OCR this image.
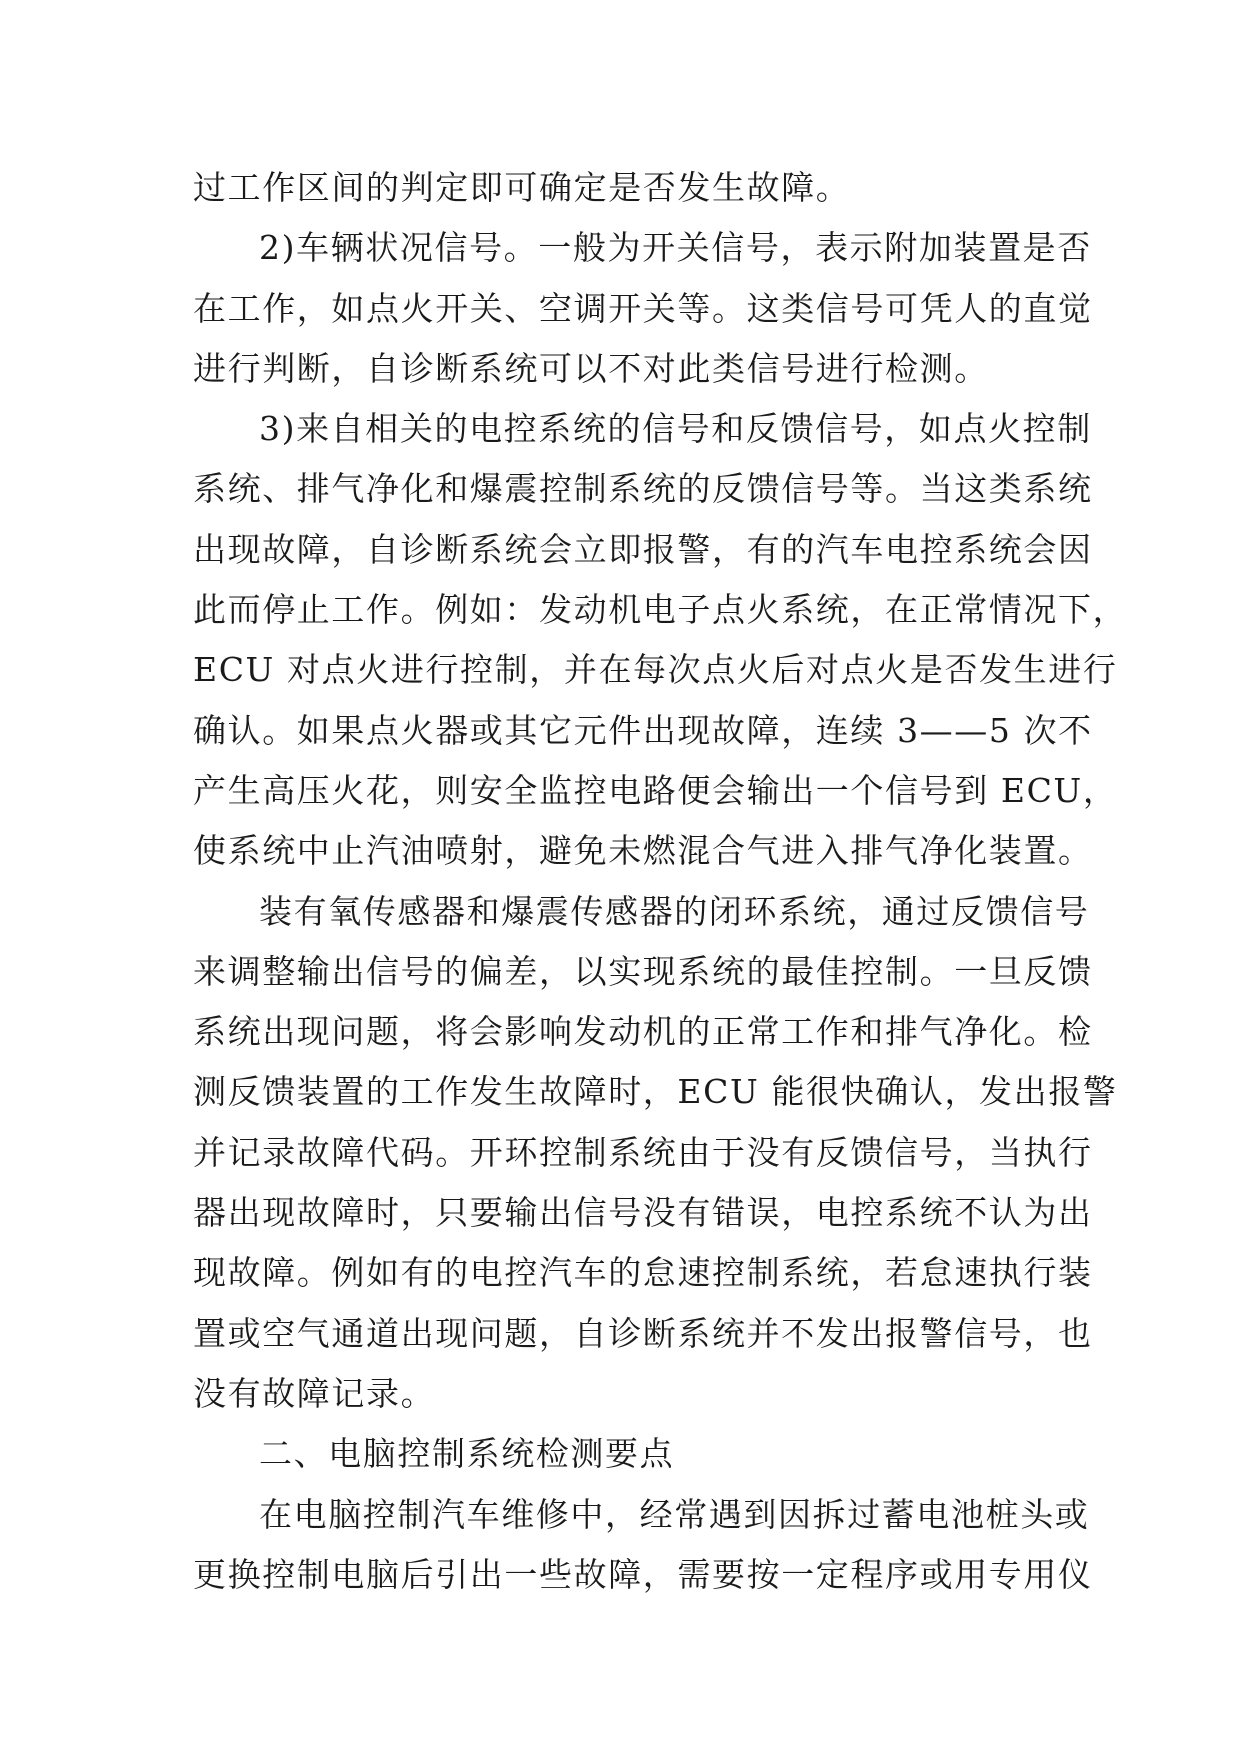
过工作区间的判定即可确定是否发生故障。
2)车辆状况信号。一般为开关信号，表示附加装置是否
在工作，如点火开关、空调开关等。这类信号可凭人的直觉
进行判断，自诊断系统可以不对此类信号进行检测。
3)来自相关的电控系统的信号和反馈信号，如点火控制
系统、排气净化和爆震控制系统的反馈信号等。当这类系统
出现故障，自诊断系统会立即报警，有的汽车电控系统会因
此而停止工作。例如：发动机电子点火系统，在正常情况下，
ECU 对点火进行控制，并在每次点火后对点火是否发生进行
确认。如果点火器或其它元件出现故障，连续 3——5 次不
产生高压火花，则安全监控电路便会输出一个信号到 ECU，
使系统中止汽油喷射，避免未燃混合气进入排气净化装置。
装有氧传感器和爆震传感器的闭环系统，通过反馈信号
来调整输出信号的偏差，以实现系统的最佳控制。一旦反馈
系统出现问题，将会影响发动机的正常工作和排气净化。检
测反馈装置的工作发生故障时，ECU 能很快确认，发出报警
并记录故障代码。开环控制系统由于没有反馈信号，当执行
器出现故障时，只要输出信号没有错误，电控系统不认为出
现故障。例如有的电控汽车的怠速控制系统，若怠速执行装
置或空气通道出现问题，自诊断系统并不发出报警信号，也
没有故障记录。
二、电脑控制系统检测要点
在电脑控制汽车维修中，经常遇到因拆过蓄电池桩头或
更换控制电脑后引出一些故障，需要按一定程序或用专用仪
